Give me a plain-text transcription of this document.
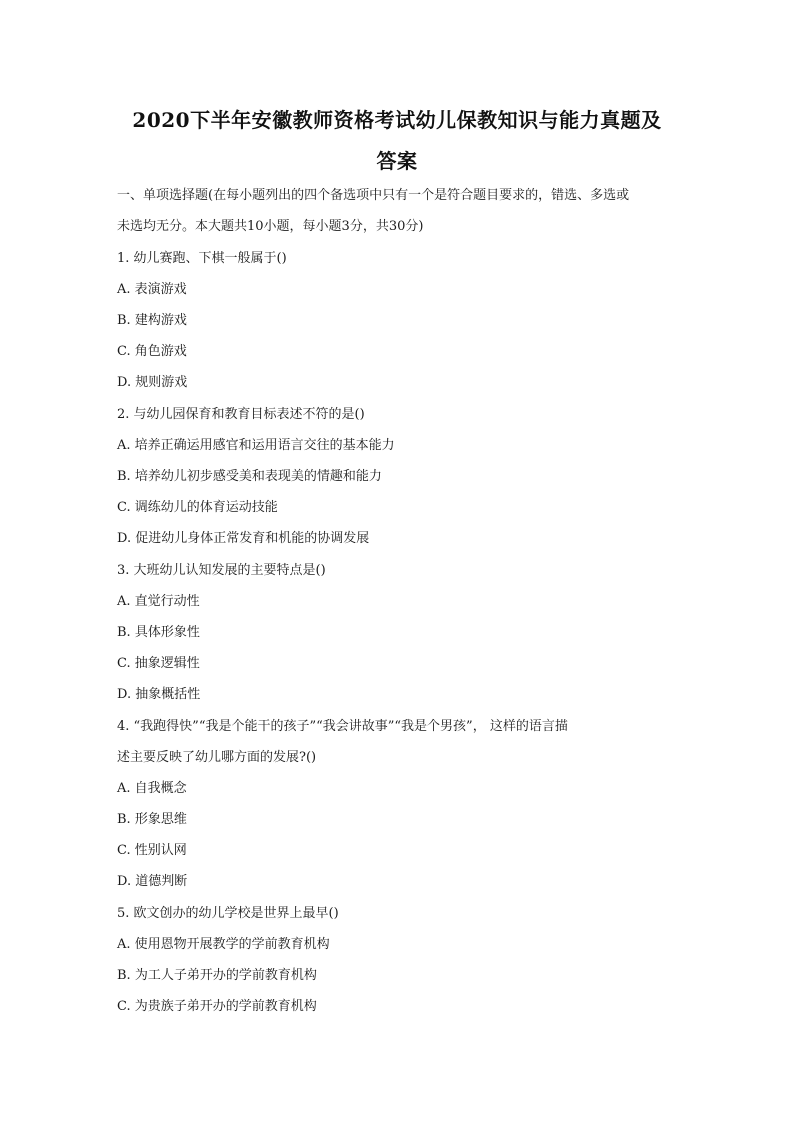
2020下半年安徽教师资格考试幼儿保教知识与能力真题及
答案
一、单项选择题(在每小题列出的四个备选项中只有一个是符合题目要求的，错选、多选或
未选均无分。本大题共10小题，每小题3分，共30分)
1. 幼儿赛跑、下棋一般属于()
A. 表演游戏
B. 建构游戏
C. 角色游戏
D. 规则游戏
2. 与幼儿园保育和教育目标表述不符的是()
A. 培养正确运用感官和运用语言交往的基本能力
B. 培养幼儿初步感受美和表现美的情趣和能力
C. 调练幼儿的体育运动技能
D. 促进幼儿身体正常发育和机能的协调发展
3. 大班幼儿认知发展的主要特点是()
A. 直觉行动性
B. 具体形象性
C. 抽象逻辑性
D. 抽象概括性
4. “我跑得快”“我是个能干的孩子”“我会讲故事”“我是个男孩”， 这样的语言描
述主要反映了幼儿哪方面的发展?()
A. 自我概念
B. 形象思维
C. 性别认网
D. 道德判断
5. 欧文创办的幼儿学校是世界上最早()
A. 使用恩物开展教学的学前教育机构
B. 为工人子弟开办的学前教育机构
C. 为贵族子弟开办的学前教育机构
